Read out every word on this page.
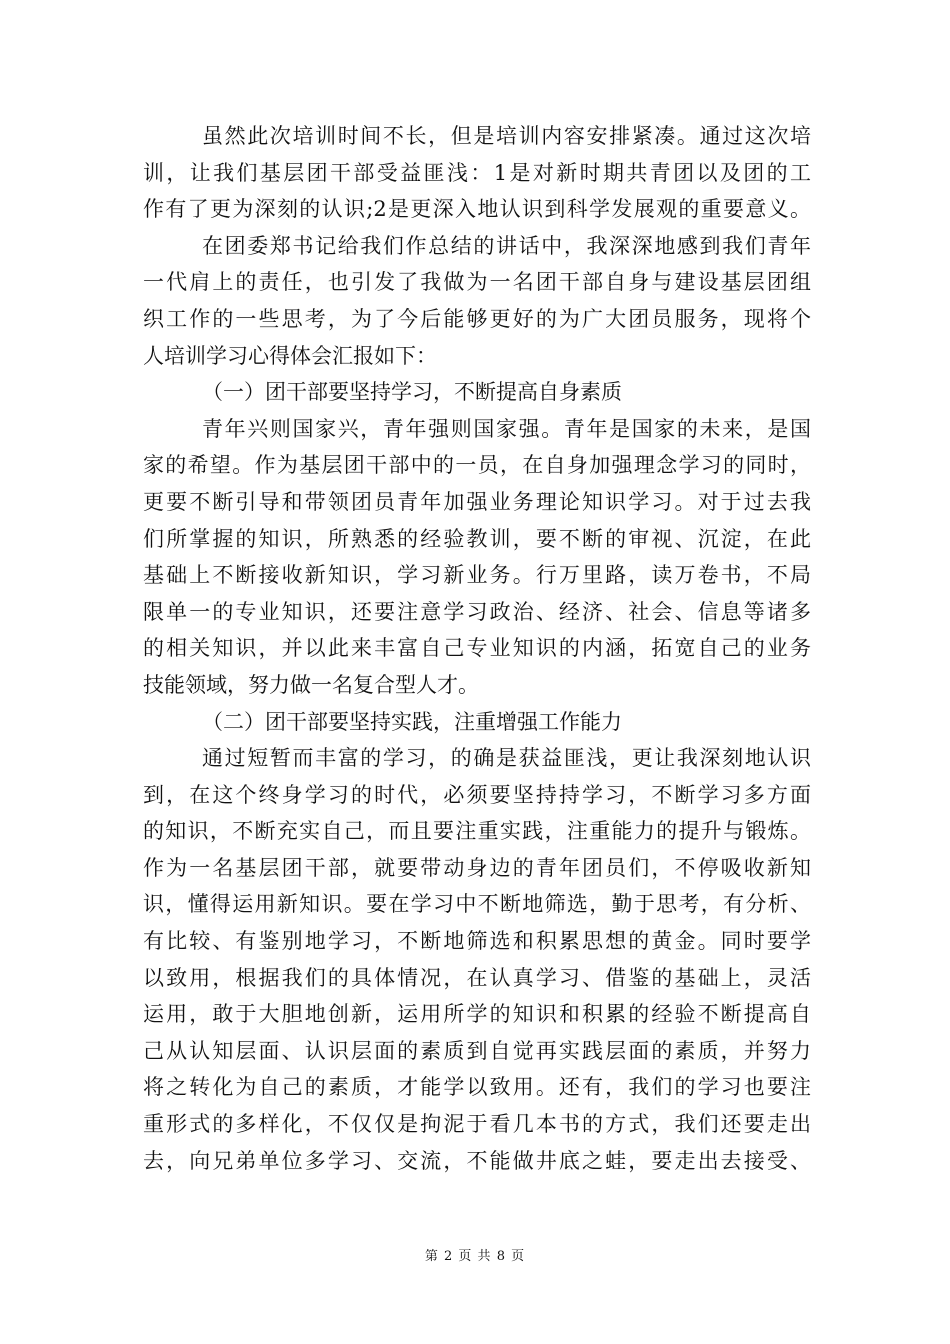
虽然此次培训时间不长，但是培训内容安排紧凑。通过这次培
训，让我们基层团干部受益匪浅：1是对新时期共青团以及团的工
作有了更为深刻的认识;2是更深入地认识到科学发展观的重要意义。
在团委郑书记给我们作总结的讲话中，我深深地感到我们青年
一代肩上的责任，也引发了我做为一名团干部自身与建设基层团组
织工作的一些思考，为了今后能够更好的为广大团员服务，现将个
人培训学习心得体会汇报如下：
（一）团干部要坚持学习，不断提高自身素质
青年兴则国家兴，青年强则国家强。青年是国家的未来，是国
家的希望。作为基层团干部中的一员，在自身加强理念学习的同时，
更要不断引导和带领团员青年加强业务理论知识学习。对于过去我
们所掌握的知识，所熟悉的经验教训，要不断的审视、沉淀，在此
基础上不断接收新知识，学习新业务。行万里路，读万卷书，不局
限单一的专业知识，还要注意学习政治、经济、社会、信息等诸多
的相关知识，并以此来丰富自己专业知识的内涵，拓宽自己的业务
技能领域，努力做一名复合型人才。
（二）团干部要坚持实践，注重增强工作能力
通过短暂而丰富的学习，的确是获益匪浅，更让我深刻地认识
到，在这个终身学习的时代，必须要坚持持学习，不断学习多方面
的知识，不断充实自己，而且要注重实践，注重能力的提升与锻炼。
作为一名基层团干部，就要带动身边的青年团员们，不停吸收新知
识，懂得运用新知识。要在学习中不断地筛选，勤于思考，有分析、
有比较、有鉴别地学习，不断地筛选和积累思想的黄金。同时要学
以致用，根据我们的具体情况，在认真学习、借鉴的基础上，灵活
运用，敢于大胆地创新，运用所学的知识和积累的经验不断提高自
己从认知层面、认识层面的素质到自觉再实践层面的素质，并努力
将之转化为自己的素质，才能学以致用。还有，我们的学习也要注
重形式的多样化，不仅仅是拘泥于看几本书的方式，我们还要走出
去，向兄弟单位多学习、交流，不能做井底之蛙，要走出去接受、
第 2 页 共 8 页
